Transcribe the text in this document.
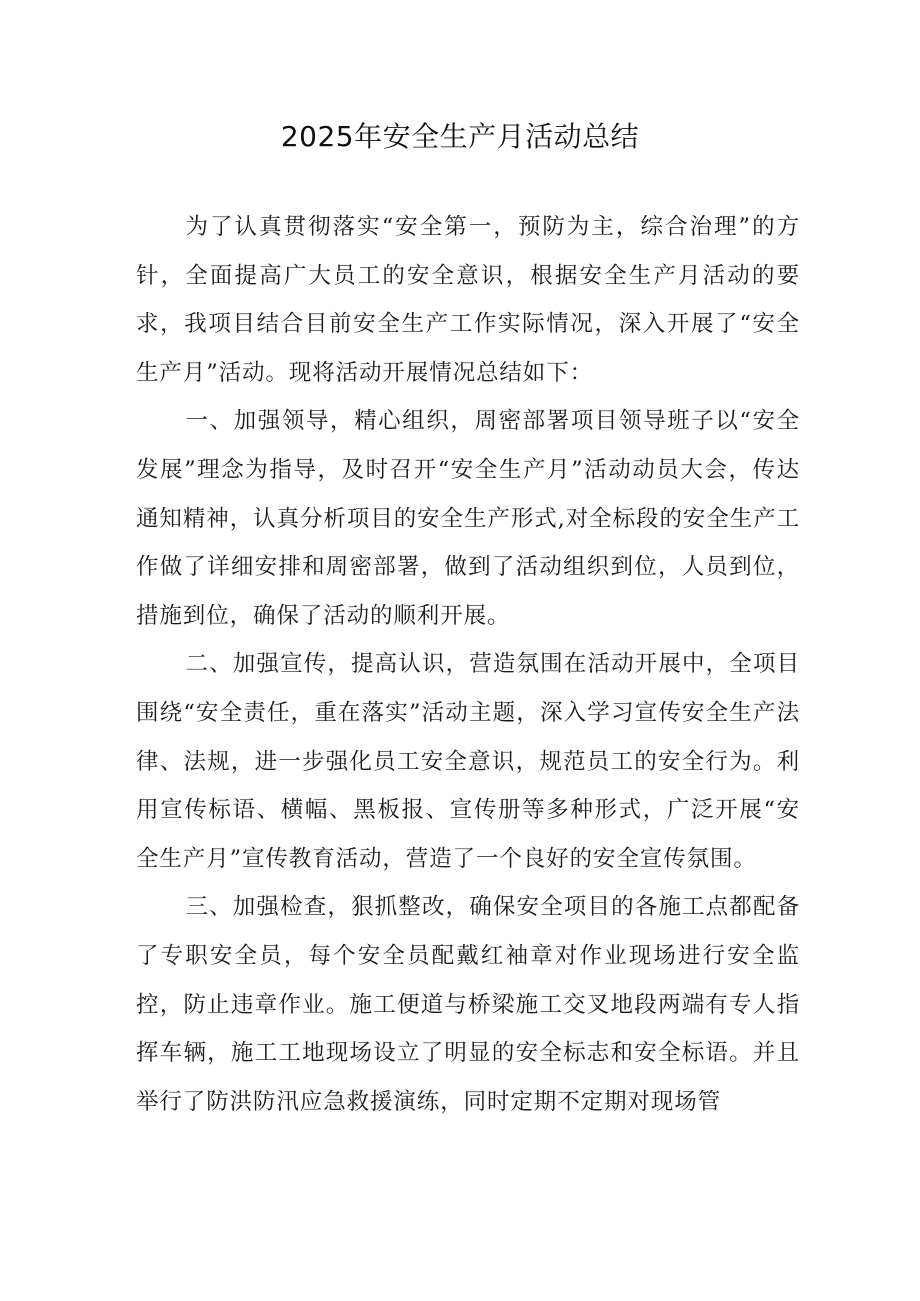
2025年安全生产月活动总结

为了认真贯彻落实“安全第一，预防为主，综合治理”的方针，全面提高广大员工的安全意识，根据安全生产月活动的要求，我项目结合目前安全生产工作实际情况，深入开展了“安全生产月”活动。现将活动开展情况总结如下：

一、加强领导，精心组织，周密部署项目领导班子以“安全发展”理念为指导，及时召开“安全生产月”活动动员大会，传达通知精神，认真分析项目的安全生产形式,对全标段的安全生产工作做了详细安排和周密部署，做到了活动组织到位，人员到位，措施到位，确保了活动的顺利开展。

二、加强宣传，提高认识，营造氛围在活动开展中，全项目围绕“安全责任，重在落实”活动主题，深入学习宣传安全生产法律、法规，进一步强化员工安全意识，规范员工的安全行为。利用宣传标语、横幅、黑板报、宣传册等多种形式，广泛开展“安全生产月”宣传教育活动，营造了一个良好的安全宣传氛围。

三、加强检查，狠抓整改，确保安全项目的各施工点都配备了专职安全员，每个安全员配戴红袖章对作业现场进行安全监控，防止违章作业。施工便道与桥梁施工交叉地段两端有专人指挥车辆，施工工地现场设立了明显的安全标志和安全标语。并且举行了防洪防汛应急救援演练，同时定期不定期对现场管
